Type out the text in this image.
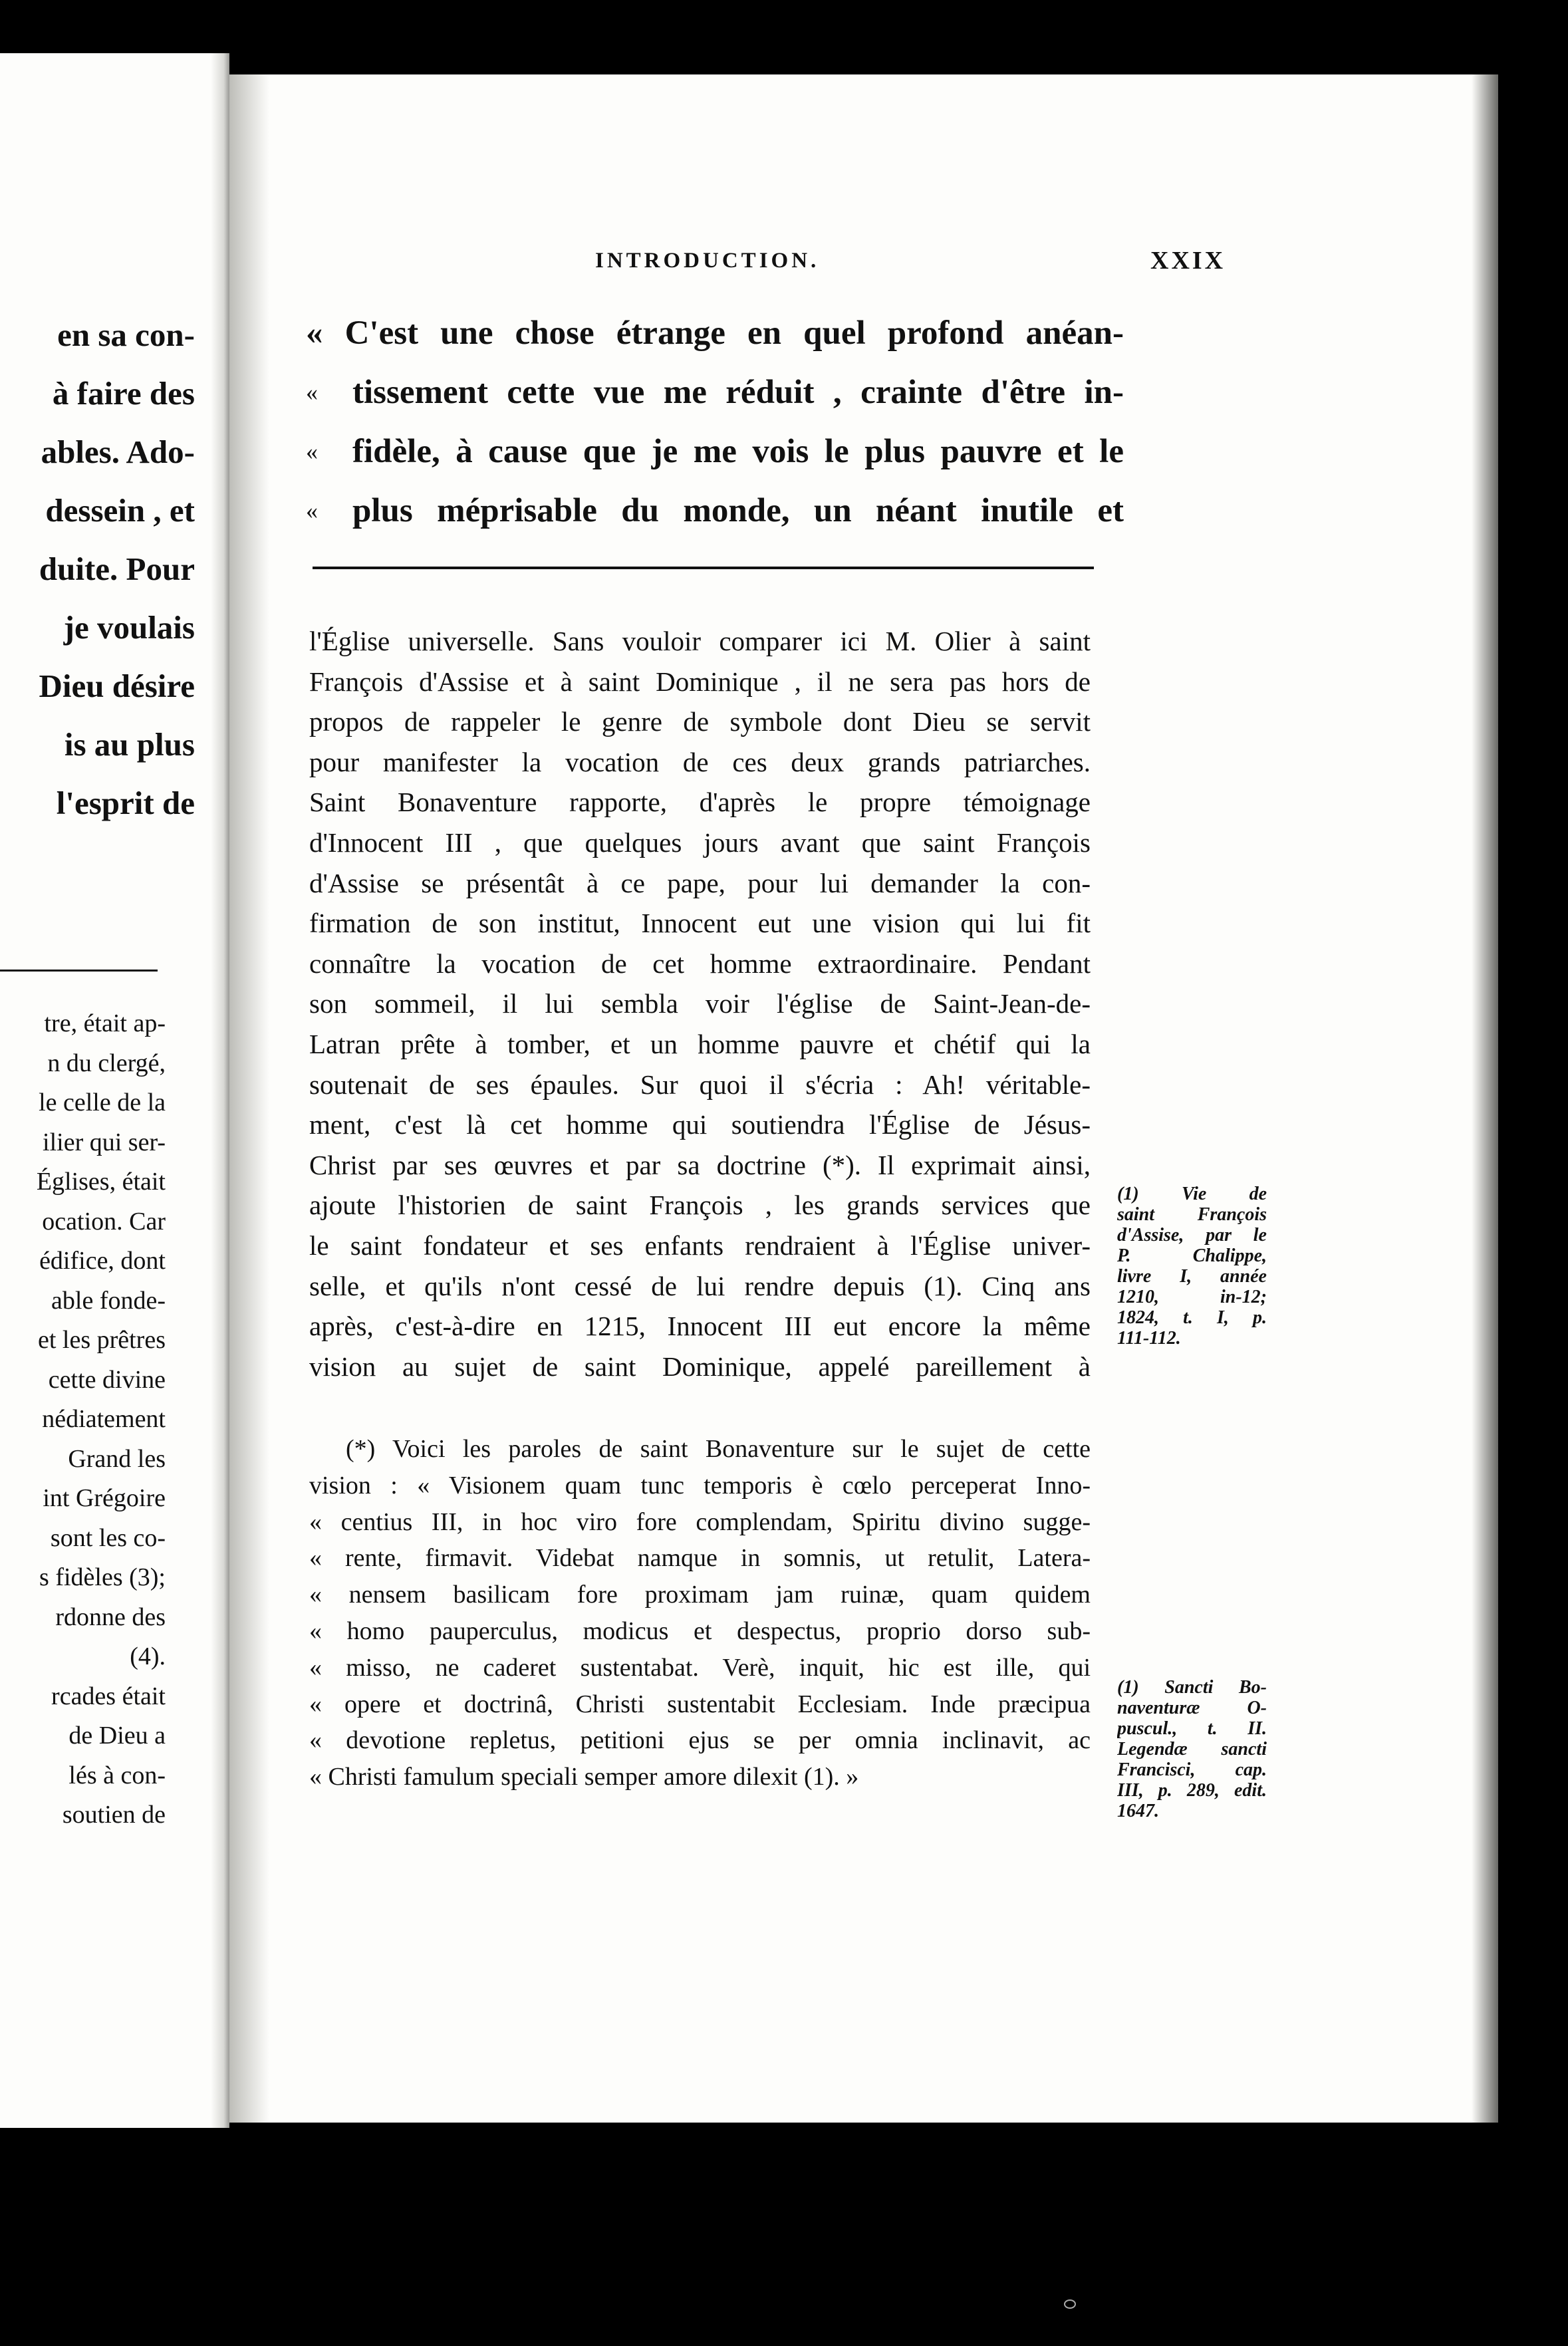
en sa con-
à faire des
ables. Ado-
dessein , et
duite. Pour
je voulais
Dieu désire
is au plus
l'esprit de
tre, était ap-
n du clergé,
le celle de la
ilier qui ser-
Églises, était
ocation. Car
édifice, dont
able fonde-
et les prêtres
cette divine
nédiatement
Grand les
int Grégoire
sont les co-
s fidèles (3);
rdonne des
(4).
rcades était
de Dieu a
lés à con-
soutien de
INTRODUCTION.	XXIX
« C'est une chose étrange en quel profond anéan-
« tissement cette vue me réduit , crainte d'être in-
« fidèle, à cause que je me vois le plus pauvre et le
« plus méprisable du monde, un néant inutile et
l'Église universelle. Sans vouloir comparer ici M. Olier à saint
François d'Assise et à saint Dominique , il ne sera pas hors de
propos de rappeler le genre de symbole dont Dieu se servit
pour manifester la vocation de ces deux grands patriarches.
Saint Bonaventure rapporte, d'après le propre témoignage
d'Innocent III , que quelques jours avant que saint François
d'Assise se présentât à ce pape, pour lui demander la con-
firmation de son institut, Innocent eut une vision qui lui fit
connaître la vocation de cet homme extraordinaire. Pendant
son sommeil, il lui sembla voir l'église de Saint-Jean-de-
Latran prête à tomber, et un homme pauvre et chétif qui la
soutenait de ses épaules. Sur quoi il s'écria : Ah! véritable-
ment, c'est là cet homme qui soutiendra l'Église de Jésus-
Christ par ses œuvres et par sa doctrine (*). Il exprimait ainsi,
ajoute l'historien de saint François , les grands services que
le saint fondateur et ses enfants rendraient à l'Église univer-
selle, et qu'ils n'ont cessé de lui rendre depuis (1). Cinq ans
après, c'est-à-dire en 1215, Innocent III eut encore la même
vision au sujet de saint Dominique, appelé pareillement à
(*) Voici les paroles de saint Bonaventure sur le sujet de cette
vision : « Visionem quam tunc temporis è cœlo perceperat Inno-
« centius III, in hoc viro fore complendam, Spiritu divino sugge-
« rente, firmavit. Videbat namque in somnis, ut retulit, Latera-
« nensem basilicam fore proximam jam ruinæ, quam quidem
« homo pauperculus, modicus et despectus, proprio dorso sub-
« misso, ne caderet sustentabat. Verè, inquit, hic est ille, qui
« opere et doctrinâ, Christi sustentabit Ecclesiam. Inde præcipua
« devotione repletus, petitioni ejus se per omnia inclinavit, ac
« Christi famulum speciali semper amore dilexit (1). »
(1) Vie de
saint François
d'Assise, par le
P. Chalippe,
livre I, année
1210, in-12;
1824, t. I, p.
111-112.
(1) Sancti Bo-
naventuræ O-
puscul., t. II.
Legendæ sancti
Francisci, cap.
III, p. 289, edit.
1647.
